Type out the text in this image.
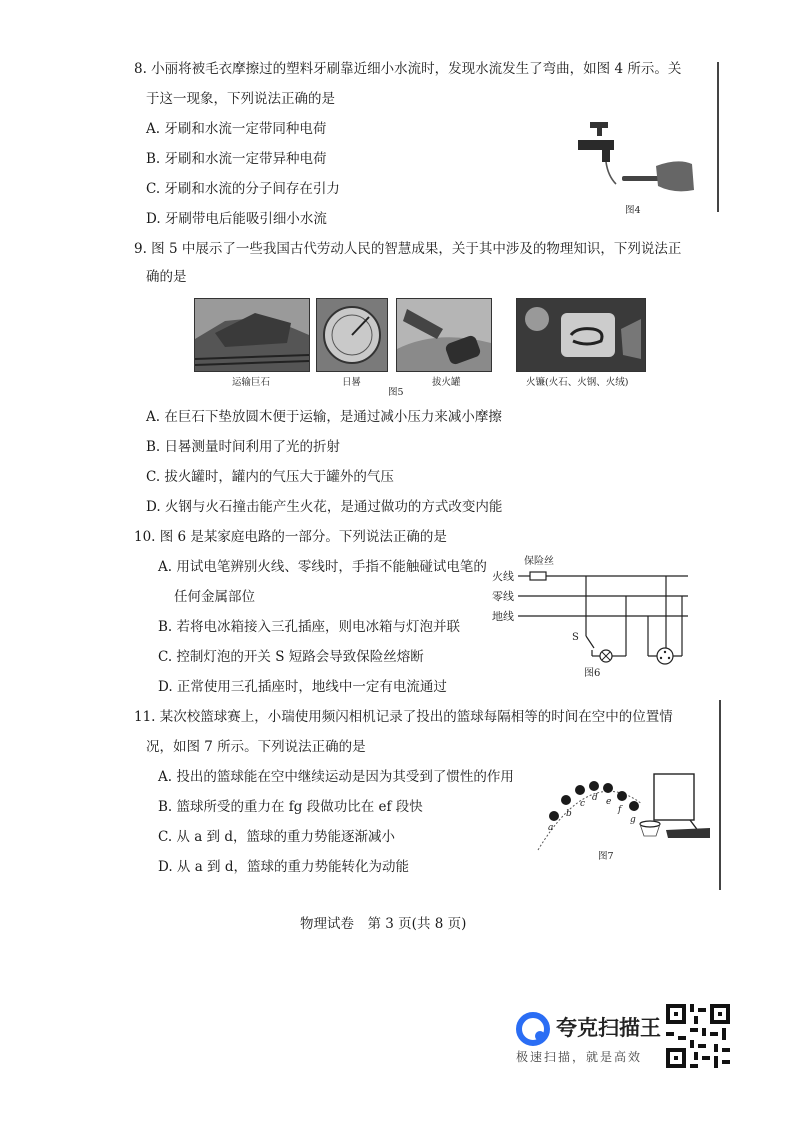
8. 小丽将被毛衣摩擦过的塑料牙刷靠近细小水流时，发现水流发生了弯曲，如图 4 所示。关
于这一现象，下列说法正确的是
A. 牙刷和水流一定带同种电荷
B. 牙刷和水流一定带异种电荷
C. 牙刷和水流的分子间存在引力
D. 牙刷带电后能吸引细小水流
图4
9. 图 5 中展示了一些我国古代劳动人民的智慧成果，关于其中涉及的物理知识，下列说法正
确的是
运输巨石	日晷	拔火罐	火镰(火石、火钢、火绒)
图5
A. 在巨石下垫放圆木便于运输，是通过减小压力来减小摩擦
B. 日晷测量时间利用了光的折射
C. 拔火罐时，罐内的气压大于罐外的气压
D. 火钢与火石撞击能产生火花，是通过做功的方式改变内能
10. 图 6 是某家庭电路的一部分。下列说法正确的是
A. 用试电笔辨别火线、零线时，手指不能触碰试电笔的
任何金属部位
B. 若将电冰箱接入三孔插座，则电冰箱与灯泡并联
C. 控制灯泡的开关 S 短路会导致保险丝熔断
D. 正常使用三孔插座时，地线中一定有电流通过
火线
零线
地线
保险丝
S
图6
11. 某次校篮球赛上，小瑞使用频闪相机记录了投出的篮球每隔相等的时间在空中的位置情
况，如图 7 所示。下列说法正确的是
A. 投出的篮球能在空中继续运动是因为其受到了惯性的作用
B. 篮球所受的重力在 fg 段做功比在 ef 段快
C. 从 a 到 d，篮球的重力势能逐渐减小
D. 从 a 到 d，篮球的重力势能转化为动能
a
b
c
d e
f
g
图7
物理试卷　第 3 页(共 8 页)
夸克扫描王
极速扫描，就是高效
